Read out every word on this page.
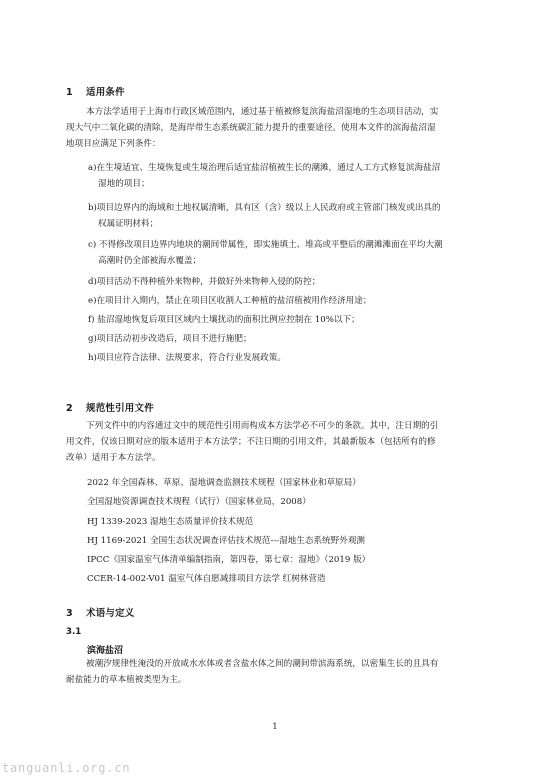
1 适用条件
本方法学适用于上海市行政区域范围内，通过基于植被修复滨海盐沼湿地的生态项目活动，实
现大气中二氧化碳的清除，是海岸带生态系统碳汇能力提升的重要途径。使用本文件的滨海盐沼湿
地项目应满足下列条件：
a)在生境适宜、生境恢复或生境治理后适宜盐沼植被生长的潮滩，通过人工方式修复滨海盐沼
湿地的项目；
b)项目边界内的海域和土地权属清晰，具有区（含）级以上人民政府或主管部门核发或出具的
权属证明材料；
c) 不得修改项目边界内地块的潮间带属性，即实施填土、堆高或平整后的潮滩滩面在平均大潮
高潮时仍全部被海水覆盖；
d)项目活动不得种植外来物种，并做好外来物种入侵的防控；
e)在项目计入期内，禁止在项目区收割人工种植的盐沼植被用作经济用途；
f) 盐沼湿地恢复后项目区域内土壤扰动的面积比例应控制在 10%以下；
g)项目活动初步改造后，项目不进行施肥；
h)项目应符合法律、法规要求，符合行业发展政策。
2 规范性引用文件
下列文件中的内容通过文中的规范性引用而构成本方法学必不可少的条款。其中，注日期的引
用文件，仅该日期对应的版本适用于本方法学；不注日期的引用文件，其最新版本（包括所有的修
改单）适用于本方法学。
2022 年全国森林、草原、湿地调查监测技术规程（国家林业和草原局）
全国湿地资源调查技术规程（试行）（国家林业局，2008）
HJ 1339-2023 湿地生态质量评价技术规范
HJ 1169-2021 全国生态状况调查评估技术规范---湿地生态系统野外观测
IPCC《国家温室气体清单编制指南，第四卷，第七章：湿地》（2019 版）
CCER-14-002-V01 温室气体自愿减排项目方法学 红树林营造
3 术语与定义
3.1
滨海盐沼
被潮汐规律性淹没的开放咸水水体或者含盐水体之间的潮间带滨海系统，以密集生长的且具有
耐盐能力的草本植被类型为主。
1
tanguanli.org.cn
